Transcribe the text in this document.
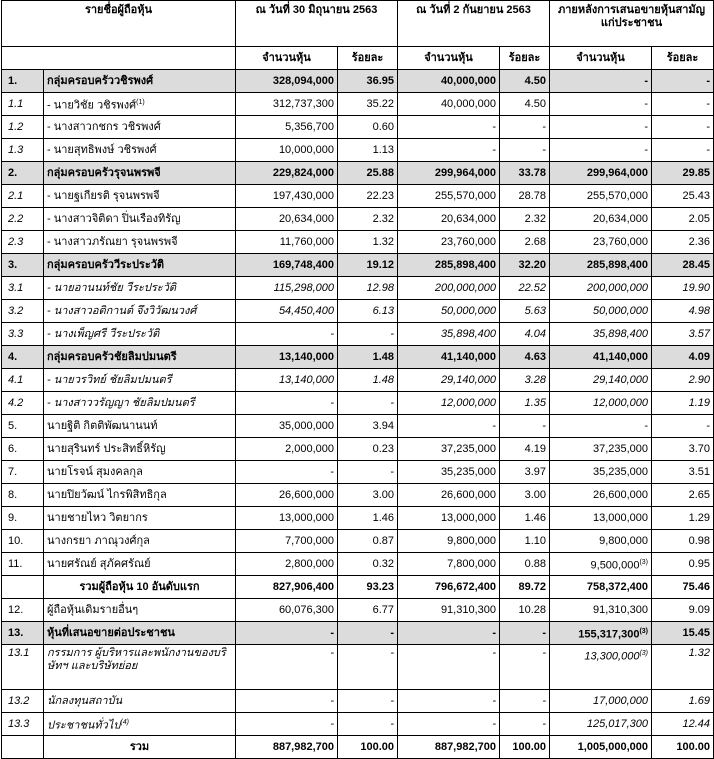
รายชื่อผู้ถือหุ้น		ณ วันที่ 30 มิถุนายน 2563		ณ วันที่ 2 กันยายน 2563		ภายหลังการเสนอขายหุ้นสามัญแก่ประชาชน	
		จำนวนหุ้น	ร้อยละ	จำนวนหุ้น	ร้อยละ	จำนวนหุ้น	ร้อยละ
1.	กลุ่มครอบครัววชิรพงศ์	328,094,000	36.95	40,000,000	4.50	-	-
1.1	- นายวิชัย วชิรพงศ์$^{(1)}$	312,737,300	35.22	40,000,000	4.50	-	-
1.2	- นางสาวกชกร วชิรพงศ์	5,356,700	0.60	-	-	-	-
1.3	- นายสุทธิพงษ์ วชิรพงศ์	10,000,000	1.13	-	-	-	-
2.	กลุ่มครอบครัวรุจนพรพจี	229,824,000	25.88	299,964,000	33.78	299,964,000	29.85
2.1	- นายฐเกียรติ รุจนพรพจี	197,430,000	22.23	255,570,000	28.78	255,570,000	25.43
2.2	- นางสาวจิติดา ปิ่นเรืองทิรัญ	20,634,000	2.32	20,634,000	2.32	20,634,000	2.05
2.3	- นางสาวภรัณยา รุจนพรพจี	11,760,000	1.32	23,760,000	2.68	23,760,000	2.36
3.	กลุ่มครอบครัววีระประวัติ	169,748,400	19.12	285,898,400	32.20	285,898,400	28.45
3.1	- นายอานนท์ชัย วีระประวัติ	115,298,000	12.98	200,000,000	22.52	200,000,000	19.90
3.2	- นางสาวอติกานต์ จึงวิวัฒนวงศ์	54,450,400	6.13	50,000,000	5.63	50,000,000	4.98
3.3	- นางเพ็ญศรี วีระประวัติ	-	-	35,898,400	4.04	35,898,400	3.57
4.	กลุ่มครอบครัวชัยลิมปมนตรี	13,140,000	1.48	41,140,000	4.63	41,140,000	4.09
4.1	- นายวรวิทย์ ชัยลิมปมนตรี	13,140,000	1.48	29,140,000	3.28	29,140,000	2.90
4.2	- นางสาววรัญญา ชัยลิมปมนตรี	-	-	12,000,000	1.35	12,000,000	1.19
5.	นายฐิติ กิตติพัฒนานนท์	35,000,000	3.94	-	-	-	-
6.	นายสุรินทร์ ประสิทธิ์หิรัญ	2,000,000	0.23	37,235,000	4.19	37,235,000	3.70
7.	นายโรจน์ สุมงคลกุล	-	-	35,235,000	3.97	35,235,000	3.51
8.	นายปิยวัฒน์ ไกรพิสิทธิกุล	26,600,000	3.00	26,600,000	3.00	26,600,000	2.65
9.	นายชายไหว วิตยากร	13,000,000	1.46	13,000,000	1.46	13,000,000	1.29
10.	นางกรยา ภาณุวงศ์กุล	7,700,000	0.87	9,800,000	1.10	9,800,000	0.98
11.	นายศรัณย์ สุภัคศรัณย์	2,800,000	0.32	7,800,000	0.88	9,500,000$^{(3)}$	0.95
	รวมผู้ถือหุ้น 10 อันดับแรก	827,906,400	93.23	796,672,400	89.72	758,372,400	75.46
12.	ผู้ถือหุ้นเดิมรายอื่นๆ	60,076,300	6.77	91,310,300	10.28	91,310,300	9.09
13.	หุ้นที่เสนอขายต่อประชาชน	-	-	-	-	155,317,300$^{(3)}$	15.45
13.1	กรรมการ ผู้บริหารและพนักงานของบริษัทฯ และบริษัทย่อย	-	-	-	-	13,300,000$^{(3)}$	1.32
13.2	นักลงทุนสถาบัน	-	-	-	-	17,000,000	1.69
13.3	ประชาชนทั่วไป$^{(4)}$	-	-	-	-	125,017,300	12.44
	รวม	887,982,700	100.00	887,982,700	100.00	1,005,000,000	100.00
